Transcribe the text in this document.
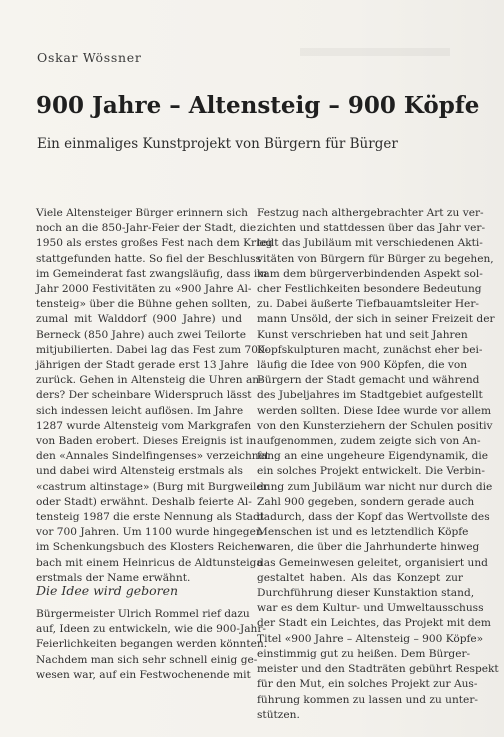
Oskar Wössner
900 Jahre – Altensteig – 900 Köpfe
Ein einmaliges Kunstprojekt von Bürgern für Bürger
Viele Altensteiger Bürger erinnern sich
noch an die 850-Jahr-Feier der Stadt, die
1950 als erstes großes Fest nach dem Krieg
stattgefunden hatte. So fiel der Beschluss
im Gemeinderat fast zwangsläufig, dass im
Jahr 2000 Festivitäten zu «900 Jahre Al-
tensteig» über die Bühne gehen sollten,
zumal mit Walddorf (900 Jahre) und
Berneck (850 Jahre) auch zwei Teilorte
mitjubilierten. Dabei lag das Fest zum 700-
jährigen der Stadt gerade erst 13 Jahre
zurück. Gehen in Altensteig die Uhren an-
ders? Der scheinbare Widerspruch lässt
sich indessen leicht auflösen. Im Jahre
1287 wurde Altensteig vom Markgrafen
von Baden erobert. Dieses Ereignis ist in
den «Annales Sindelfingenses» verzeichnet
und dabei wird Altensteig erstmals als
«castrum altinstage» (Burg mit Burgweiler
oder Stadt) erwähnt. Deshalb feierte Al-
tensteig 1987 die erste Nennung als Stadt
vor 700 Jahren. Um 1100 wurde hingegen
im Schenkungsbuch des Klosters Reichen-
bach mit einem Heinricus de Aldtunsteiga
erstmals der Name erwähnt.
Die Idee wird geboren
Bürgermeister Ulrich Rommel rief dazu
auf, Ideen zu entwickeln, wie die 900-Jahr-
Feierlichkeiten begangen werden könnten.
Nachdem man sich sehr schnell einig ge-
wesen war, auf ein Festwochenende mit
Festzug nach althergebrachter Art zu ver-
zichten und stattdessen über das Jahr ver-
teilt das Jubiläum mit verschiedenen Akti-
vitäten von Bürgern für Bürger zu begehen,
kam dem bürgerverbindenden Aspekt sol-
cher Festlichkeiten besondere Bedeutung
zu. Dabei äußerte Tiefbauamtsleiter Her-
mann Unsöld, der sich in seiner Freizeit der
Kunst verschrieben hat und seit Jahren
Kopfskulpturen macht, zunächst eher bei-
läufig die Idee von 900 Köpfen, die von
Bürgern der Stadt gemacht und während
des Jubeljahres im Stadtgebiet aufgestellt
werden sollten. Diese Idee wurde vor allem
von den Kunsterziehern der Schulen positiv
aufgenommen, zudem zeigte sich von An-
fang an eine ungeheure Eigendynamik, die
ein solches Projekt entwickelt. Die Verbin-
dung zum Jubiläum war nicht nur durch die
Zahl 900 gegeben, sondern gerade auch
dadurch, dass der Kopf das Wertvollste des
Menschen ist und es letztendlich Köpfe
waren, die über die Jahrhunderte hinweg
das Gemeinwesen geleitet, organisiert und
gestaltet haben. Als das Konzept zur
Durchführung dieser Kunstaktion stand,
war es dem Kultur- und Umweltausschuss
der Stadt ein Leichtes, das Projekt mit dem
Titel «900 Jahre – Altensteig – 900 Köpfe»
einstimmig gut zu heißen. Dem Bürger-
meister und den Stadträten gebührt Respekt
für den Mut, ein solches Projekt zur Aus-
führung kommen zu lassen und zu unter-
stützen.
